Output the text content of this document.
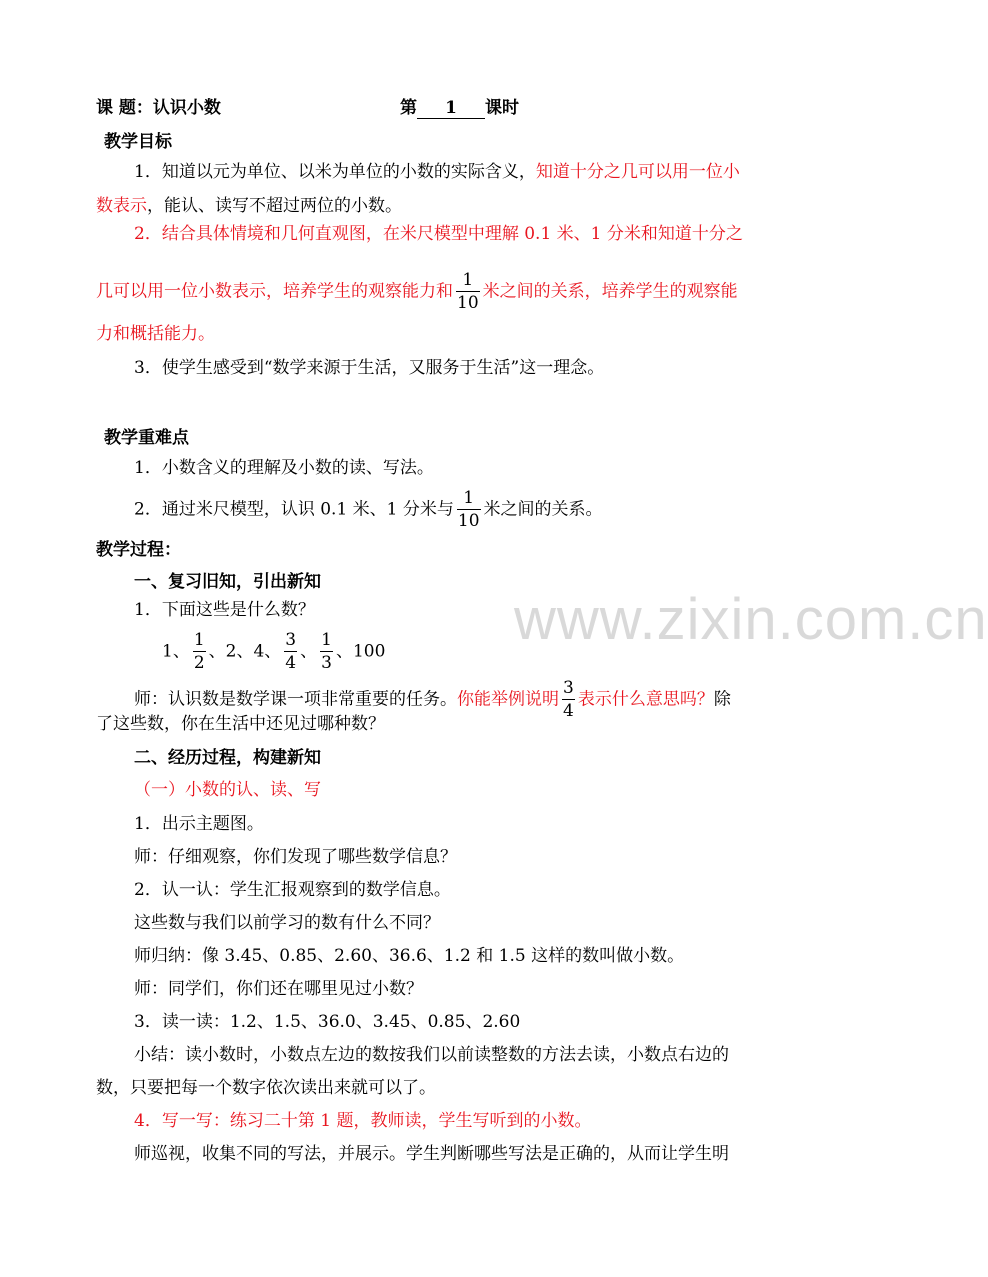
课 题：认识小数	第 1 课时
教学目标
1．知道以元为单位、以米为单位的小数的实际含义，知道十分之几可以用一位小
数表示，能认、读写不超过两位的小数。
2．结合具体情境和几何直观图，在米尺模型中理解 0.1 米、1 分米和知道十分之
几可以用一位小数表示，培养学生的观察能力和 $\frac{1}{10}$ 米之间的关系，培养学生的观察能
力和概括能力。
3．使学生感受到“数学来源于生活，又服务于生活”这一理念。
教学重难点
1．小数含义的理解及小数的读、写法。
2．通过米尺模型，认识 0.1 米、1 分米与 $\frac{1}{10}$ 米之间的关系。
教学过程：
一、复习旧知，引出新知
1．下面这些是什么数？
1、 $\frac{1}{2}$ 、2、4、 $\frac{3}{4}$ 、 $\frac{1}{3}$ 、100
师：认识数是数学课一项非常重要的任务。你能举例说明 $\frac{3}{4}$ 表示什么意思吗？除
了这些数，你在生活中还见过哪种数？
二、经历过程，构建新知
（一）小数的认、读、写
1．出示主题图。
师：仔细观察，你们发现了哪些数学信息？
2．认一认：学生汇报观察到的数学信息。
这些数与我们以前学习的数有什么不同？
师归纳：像 3.45、0.85、2.60、36.6、1.2 和 1.5 这样的数叫做小数。
师：同学们，你们还在哪里见过小数？
3．读一读：1.2、1.5、36.0、3.45、0.85、2.60
小结：读小数时，小数点左边的数按我们以前读整数的方法去读，小数点右边的
数，只要把每一个数字依次读出来就可以了。
4．写一写：练习二十第 1 题，教师读，学生写听到的小数。
师巡视，收集不同的写法，并展示。学生判断哪些写法是正确的，从而让学生明
www.zixin.com.cn
